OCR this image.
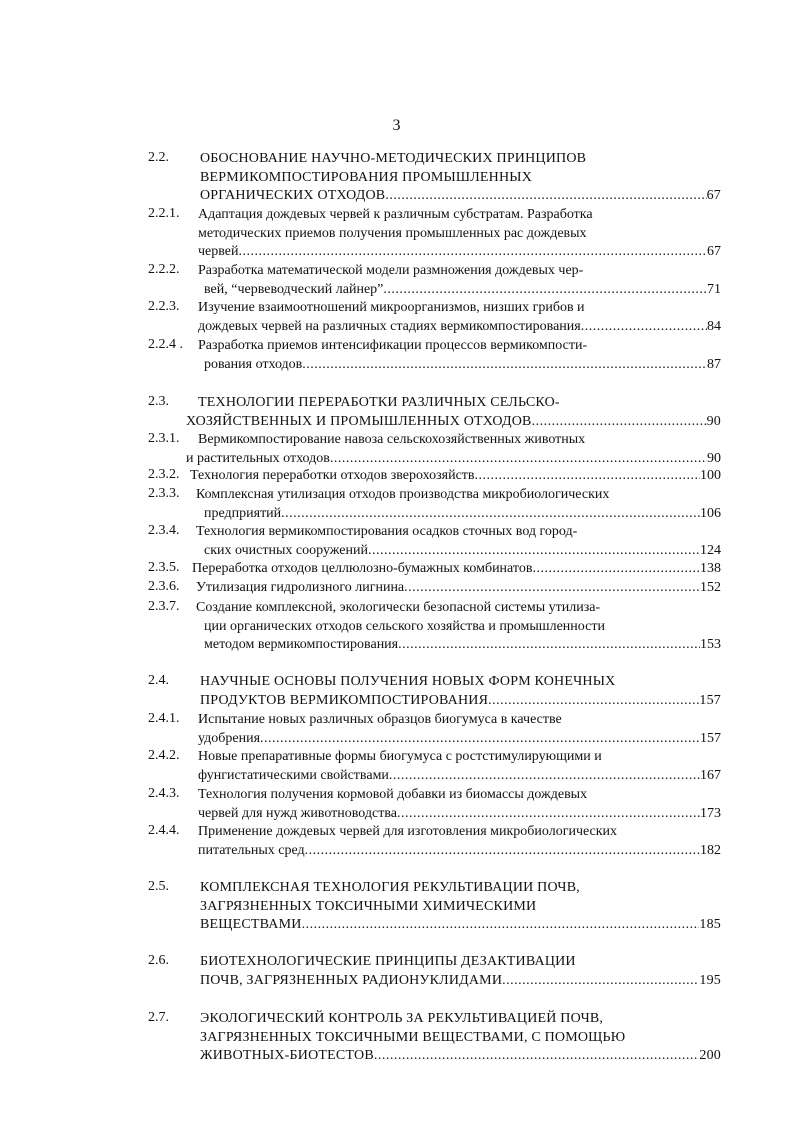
3
2.2. ОБОСНОВАНИЕ НАУЧНО-МЕТОДИЧЕСКИХ ПРИНЦИПОВ
ВЕРМИКОМПОСТИРОВАНИЯ ПРОМЫШЛЕННЫХ
ОРГАНИЧЕСКИХ ОТХОДОВ .....	67
2.2.1. Адаптация дождевых червей к различным субстратам. Разработка
методических приемов получения промышленных рас дождевых
червей .....	67
2.2.2. Разработка математической модели размножения дождевых чер-
вей, “червеводческий лайнер” .....	71
2.2.3. Изучение взаимоотношений микроорганизмов, низших грибов и
дождевых червей на различных стадиях вермикомпостирования .....	84
2.2.4 . Разработка приемов интенсификации процессов вермикомпости-
рования отходов .....	87
2.3. ТЕХНОЛОГИИ ПЕРЕРАБОТКИ РАЗЛИЧНЫХ СЕЛЬСКО-
ХОЗЯЙСТВЕННЫХ И ПРОМЫШЛЕННЫХ ОТХОДОВ .....	90
2.3.1. Вермикомпостирование навоза сельскохозяйственных животных
и растительных отходов .....	90
2.3.2. Технология переработки отходов зверохозяйств .....	100
2.3.3. Комплексная утилизация отходов производства микробиологических
предприятий .....	106
2.3.4. Технология вермикомпостирования осадков сточных вод город-
ских очистных сооружений .....	124
2.3.5. Переработка отходов целлюлозно-бумажных комбинатов .....	138
2.3.6. Утилизация гидролизного лигнина .....	152
2.3.7. Создание комплексной, экологически безопасной системы утилиза-
ции органических отходов сельского хозяйства и промышленности
методом вермикомпостирования .....	153
2.4. НАУЧНЫЕ ОСНОВЫ ПОЛУЧЕНИЯ НОВЫХ ФОРМ КОНЕЧНЫХ
ПРОДУКТОВ ВЕРМИКОМПОСТИРОВАНИЯ .....	157
2.4.1. Испытание новых различных образцов биогумуса в качестве
удобрения .....	157
2.4.2. Новые препаративные формы биогумуса с ростстимулирующими и
фунгистатическими свойствами .....	167
2.4.3. Технология получения кормовой добавки из биомассы дождевых
червей для нужд животноводства .....	173
2.4.4. Применение дождевых червей для изготовления микробиологических
питательных сред .....	182
2.5. КОМПЛЕКСНАЯ ТЕХНОЛОГИЯ РЕКУЛЬТИВАЦИИ ПОЧВ,
ЗАГРЯЗНЕННЫХ ТОКСИЧНЫМИ ХИМИЧЕСКИМИ
ВЕЩЕСТВАМИ .....	185
2.6. БИОТЕХНОЛОГИЧЕСКИЕ ПРИНЦИПЫ ДЕЗАКТИВАЦИИ
ПОЧВ, ЗАГРЯЗНЕННЫХ РАДИОНУКЛИДАМИ .....	195
2.7. ЭКОЛОГИЧЕСКИЙ КОНТРОЛЬ ЗА РЕКУЛЬТИВАЦИЕЙ ПОЧВ,
ЗАГРЯЗНЕННЫХ ТОКСИЧНЫМИ ВЕЩЕСТВАМИ, С ПОМОЩЬЮ
ЖИВОТНЫХ-БИОТЕСТОВ .....	200
